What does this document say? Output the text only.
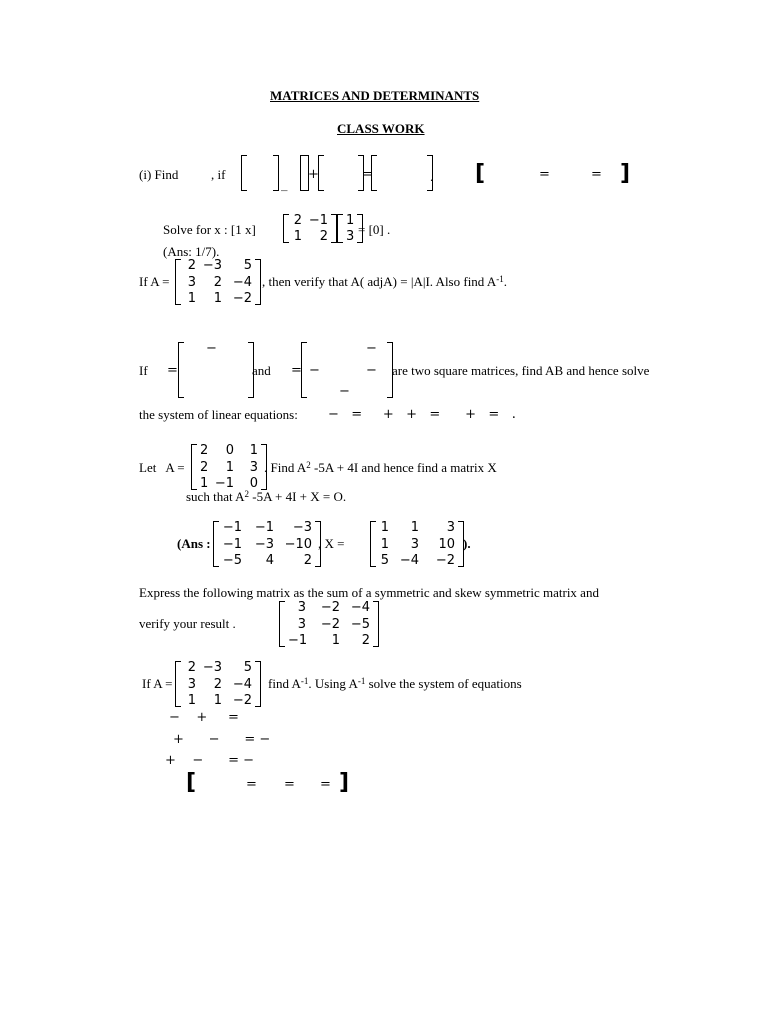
MATRICES AND DETERMINANTS
CLASS WORK
(i) Find	, if
_
+	=	. [	=	= ]
Solve for x : [1 x]
2 −1
1	2
1
3 = [0] .
(Ans: 1/7).
If A =
2 −3	5
3	2 −4
1	1 −2
, then verify that A( adjA) = |A|I. Also find $A^{-1}$.
If =
−
and =
−
−	−
−
are two square matrices, find AB and hence solve
the system of linear equations: −   =     +   +   =      +   =   .
Let   A =
2	0	1
2	1	3
1 −1	0
. Find $A^2$ -5A + 4I and hence find a matrix X
such that $A^2$ -5A + 4I + X = O.
(Ans :
−1 −1	−3
−1 −3 −10
−5	4	2
, X =
1	1	3
1	3	10
5 −4	−2
).
Express the following matrix as the sum of a symmetric and skew symmetric matrix and
verify your result .
3	−2 −4
3	−2 −5
−1	1	2
If A =
2 −3	5
3	2 −4
1	1 −2
find $A^{-1}$. Using $A^{-1}$ solve the system of equations
−    +     =
+      −      = −
+    −      = −
[	= = = ]
